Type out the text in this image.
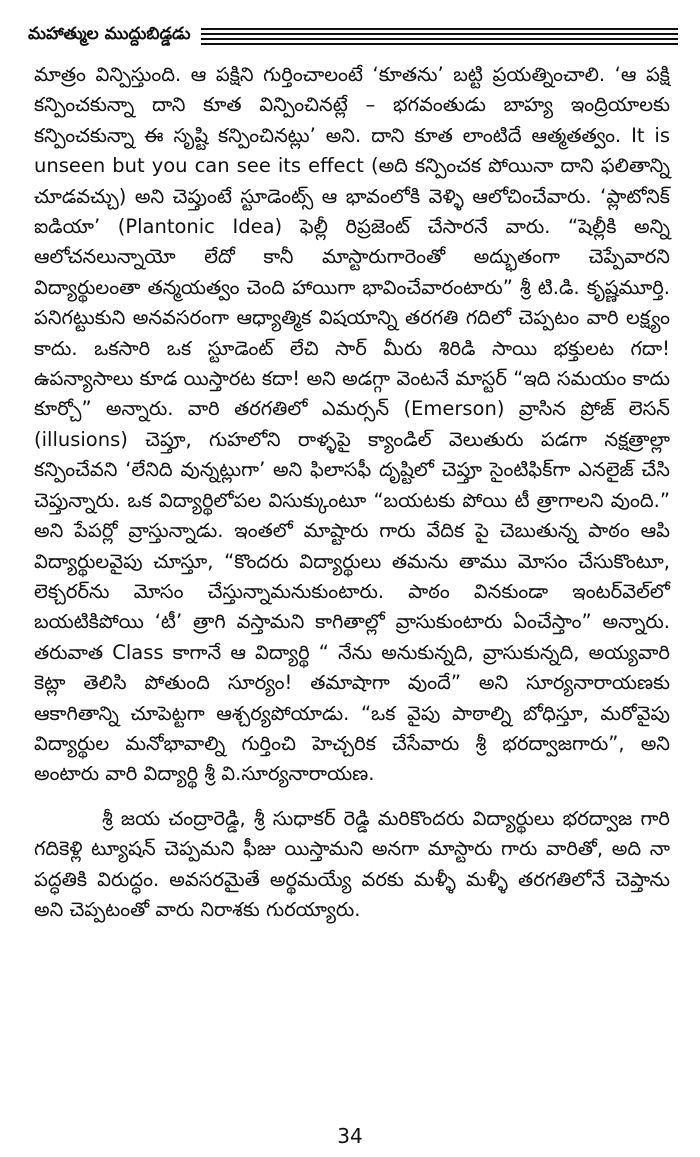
మహాత్ముల ముద్దుబిడ్డడు

మాత్రం విన్పిస్తుంది. ఆ పక్షిని గుర్తించాలంటే ‘కూతను’ బట్టి ప్రయత్నించాలి. ‘ఆ పక్షి కన్పించకున్నా దాని కూత విన్పించినట్లే – భగవంతుడు బాహ్య ఇంద్రియాలకు కన్పించకున్నా ఈ సృష్టి కన్పించినట్లు’ అని. దాని కూత లాంటిదే ఆత్మతత్వం. It is unseen but you can see its effect (అది కన్పించక పోయినా దాని ఫలితాన్ని చూడవచ్చు) అని చెప్తుంటే స్టూడెంట్స్ ఆ భావంలోకి వెళ్ళి ఆలోచించేవారు. ‘ప్లాటోనిక్ ఐడియా’ (Plantonic Idea) ఫెల్లీ రిప్రజెంట్ చేసారనే వారు. “షెల్లీకి అన్ని ఆలోచనలున్నాయో లేదో కానీ మాస్టారుగారెంతో అద్భుతంగా చెప్పేవారని విద్యార్థులంతా తన్మయత్వం చెంది హాయిగా భావించేవారంటారు” శ్రీ టి.డి. కృష్ణమూర్తి. పనిగట్టుకుని అనవసరంగా ఆధ్యాత్మిక విషయాన్ని తరగతి గదిలో చెప్పటం వారి లక్ష్యం కాదు. ఒకసారి ఒక స్టూడెంట్ లేచి సార్ మీరు శిరిడి సాయి భక్తులట గదా! ఉపన్యాసాలు కూడ యిస్తారట కదా! అని అడగ్గా వెంటనే మాస్టర్ “ఇది సమయం కాదు కూర్చో” అన్నారు. వారి తరగతిలో ఎమర్సన్ (Emerson) వ్రాసిన ప్రోజ్ లెసన్ (illusions) చెప్తూ, గుహలోని రాళ్ళపై క్యాండిల్ వెలుతురు పడగా నక్షత్రాల్లా కన్పించేవని ‘లేనిది వున్నట్లుగా’ అని ఫిలాసఫీ దృష్టిలో చెప్తూ సైంటిఫిక్‌గా ఎనలైజ్ చేసి చెప్తున్నారు. ఒక విద్యార్థిలోపల విసుక్కుంటూ “బయటకు పోయి టీ త్రాగాలని వుంది.” అని పేపర్లో వ్రాస్తున్నాడు. ఇంతలో మాష్టారు గారు వేదిక పై చెబుతున్న పాఠం ఆపి విద్యార్థులవైపు చూస్తూ, “కొందరు విద్యార్థులు తమను తాము మోసం చేసుకొంటూ, లెక్చరర్‌ను మోసం చేస్తున్నామనుకుంటారు. పాఠం వినకుండా ఇంటర్‌వెల్‌లో బయటికిపోయి ‘టీ’ త్రాగి వస్తామని కాగితాల్లో వ్రాసుకుంటారు ఏంచేస్తాం” అన్నారు. తరువాత Class కాగానే ఆ విద్యార్థి “ నేను అనుకున్నది, వ్రాసుకున్నది, అయ్యవారి కెట్లా తెలిసి పోతుంది సూర్యం! తమాషాగా వుందే” అని సూర్యనారాయణకు ఆకాగితాన్ని చూపెట్టగా ఆశ్చర్యపోయాడు. “ఒక వైపు పాఠాల్ని బోధిస్తూ, మరోవైపు విద్యార్థుల మనోభావాల్ని గుర్తించి హెచ్చరిక చేసేవారు శ్రీ భరద్వాజగారు”, అని అంటారు వారి విద్యార్థి శ్రీ వి.సూర్యనారాయణ.

శ్రీ జయ చంద్రారెడ్డి, శ్రీ సుధాకర్ రెడ్డి మరికొందరు విద్యార్థులు భరద్వాజ గారి గదికెళ్లి ట్యూషన్ చెప్పమని ఫీజు యిస్తామని అనగా మాస్టారు గారు వారితో, అది నా పద్ధతికి విరుద్ధం. అవసరమైతే అర్థమయ్యే వరకు మళ్ళీ మళ్ళీ తరగతిలోనే చెప్తాను అని చెప్పటంతో వారు నిరాశకు గురయ్యారు.

34
